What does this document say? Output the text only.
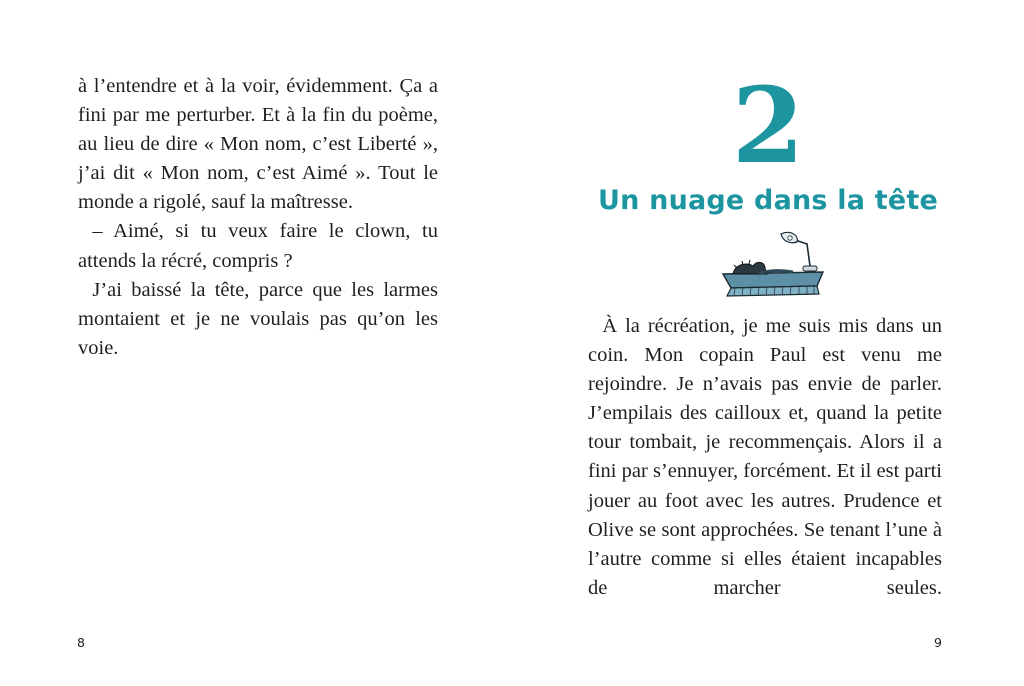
à l’entendre et à la voir, évidemment. Ça a fini par me perturber. Et à la fin du poème, au lieu de dire « Mon nom, c’est Liberté », j’ai dit « Mon nom, c’est Aimé ». Tout le monde a rigolé, sauf la maîtresse.

– Aimé, si tu veux faire le clown, tu attends la récré, compris ?

J’ai baissé la tête, parce que les larmes montaient et je ne voulais pas qu’on les voie.

8
2
Un nuage dans la tête

À la récréation, je me suis mis dans un coin. Mon copain Paul est venu me rejoindre. Je n’avais pas envie de parler. J’empilais des cailloux et, quand la petite tour tombait, je recommençais. Alors il a fini par s’ennuyer, forcément. Et il est parti jouer au foot avec les autres. Prudence et Olive se sont approchées. Se tenant l’une à l’autre comme si elles étaient incapables de marcher seules.

9
